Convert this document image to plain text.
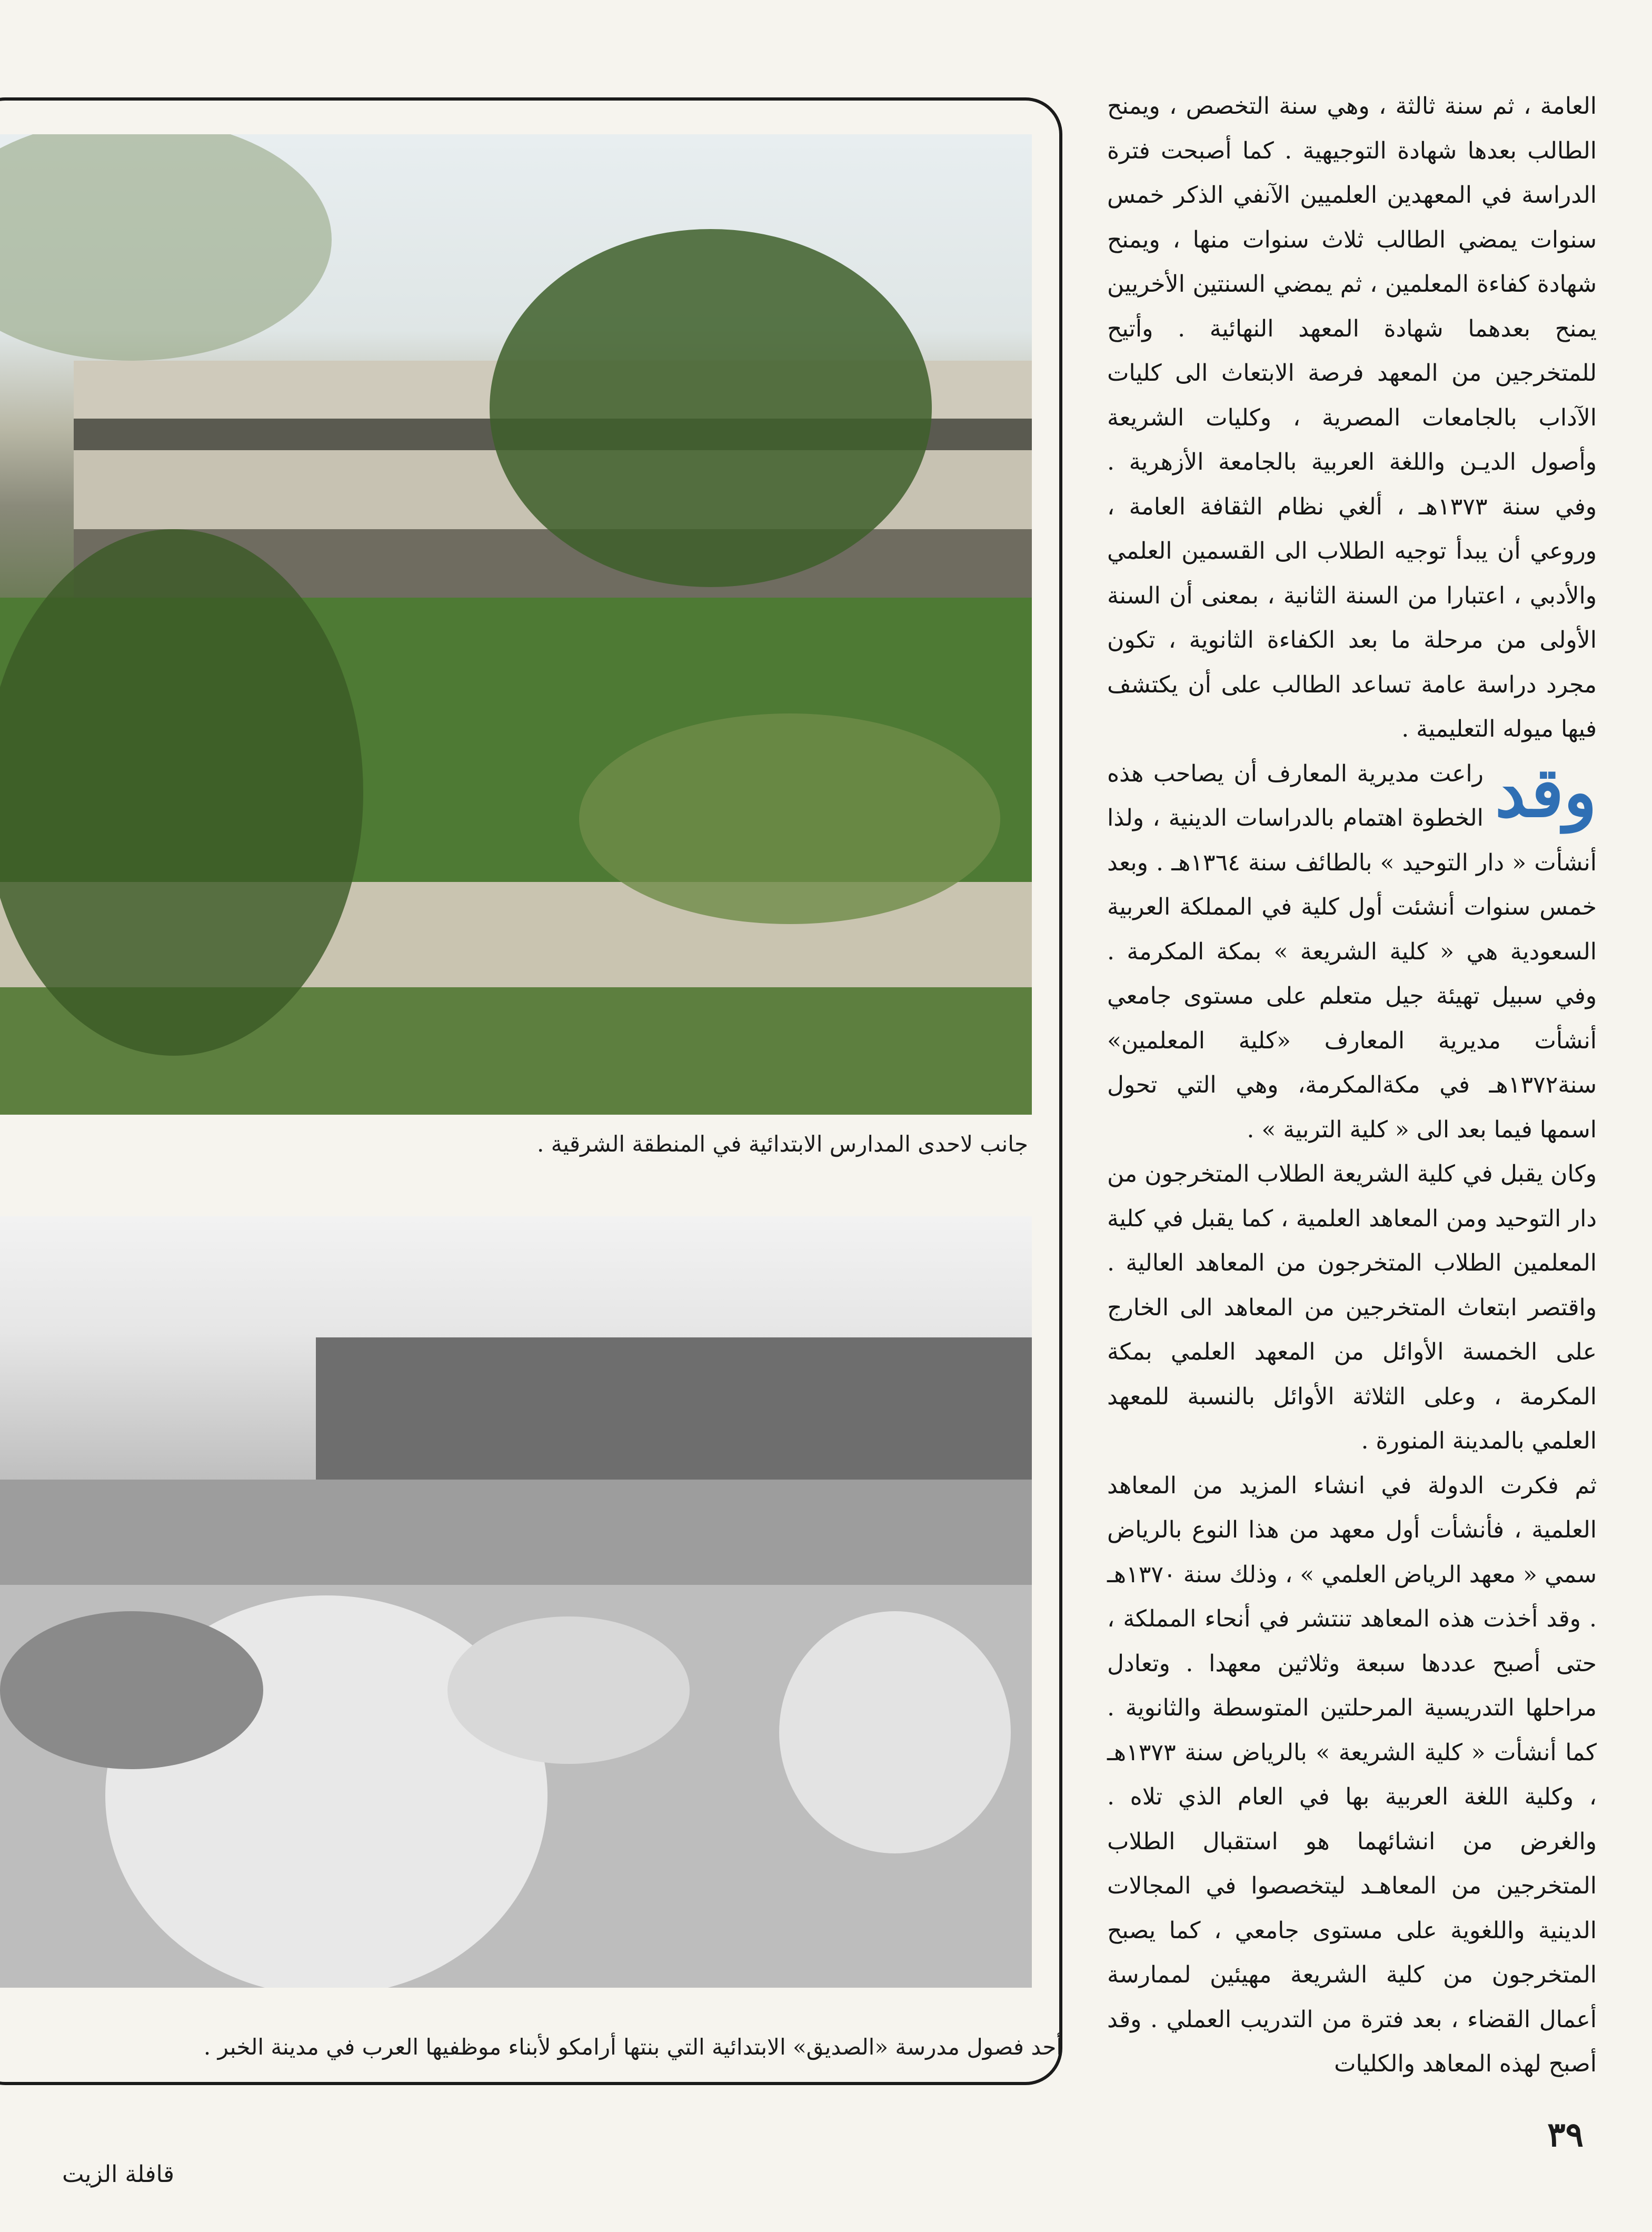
جانب لاحدى المدارس الابتدائية في المنطقة الشرقية .
أحد فصول مدرسة «الصديق» الابتدائية التي بنتها أرامكو لأبناء موظفيها العرب في مدينة الخبر .

العامة ، ثم سنة ثالثة ، وهي سنة التخصص ، ويمنح الطالب بعدها شهادة التوجيهية . كما أصبحت فترة الدراسة في المعهدين العلميين الآنفي الذكر خمس سنوات يمضي الطالب ثلاث سنوات منها ، ويمنح شهادة كفاءة المعلمين ، ثم يمضي السنتين الأخريين يمنح بعدهما شهادة المعهد النهائية . وأتيح للمتخرجين من المعهد فرصة الابتعاث الى كليات الآداب بالجامعات المصرية ، وكليات الشريعة وأصول الديـن واللغة العربية بالجامعة الأزهرية . وفي سنة ١٣٧٣هـ ، ألغي نظام الثقافة العامة ، وروعي أن يبدأ توجيه الطلاب الى القسمين العلمي والأدبي ، اعتبارا من السنة الثانية ، بمعنى أن السنة الأولى من مرحلة ما بعد الكفاءة الثانوية ، تكون مجرد دراسة عامة تساعد الطالب على أن يكتشف فيها ميوله التعليمية .

وقد
راعت مديرية المعارف أن يصاحب هذه الخطوة اهتمام بالدراسات الدينية ، ولذا أنشأت « دار التوحيد » بالطائف سنة ١٣٦٤هـ . وبعد خمس سنوات أنشئت أول كلية في المملكة العربية السعودية هي « كلية الشريعة » بمكة المكرمة . وفي سبيل تهيئة جيل متعلم على مستوى جامعي أنشأت مديرية المعارف «كلية المعلمين» سنة١٣٧٢هـ في مكةالمكرمة، وهي التي تحول اسمها فيما بعد الى « كلية التربية » .

وكان يقبل في كلية الشريعة الطلاب المتخرجون من دار التوحيد ومن المعاهد العلمية ، كما يقبل في كلية المعلمين الطلاب المتخرجون من المعاهد العالية . واقتصر ابتعاث المتخرجين من المعاهد الى الخارج على الخمسة الأوائل من المعهد العلمي بمكة المكرمة ، وعلى الثلاثة الأوائل بالنسبة للمعهد العلمي بالمدينة المنورة .

ثم فكرت الدولة في انشاء المزيد من المعاهد العلمية ، فأنشأت أول معهد من هذا النوع بالرياض سمي « معهد الرياض العلمي » ، وذلك سنة ١٣٧٠هـ . وقد أخذت هذه المعاهد تنتشر في أنحاء المملكة ، حتى أصبح عددها سبعة وثلاثين معهدا . وتعادل مراحلها التدريسية المرحلتين المتوسطة والثانوية . كما أنشأت « كلية الشريعة » بالرياض سنة ١٣٧٣هـ ، وكلية اللغة العربية بها في العام الذي تلاه . والغرض من انشائهما هو استقبال الطلاب المتخرجين من المعاهـد ليتخصصوا في المجالات الدينية واللغوية على مستوى جامعي ، كما يصبح المتخرجون من كلية الشريعة مهيئين لممارسة أعمال القضاء ، بعد فترة من التدريب العملي . وقد أصبح لهذه المعاهد والكليات

٣٩
قافلة الزيت
